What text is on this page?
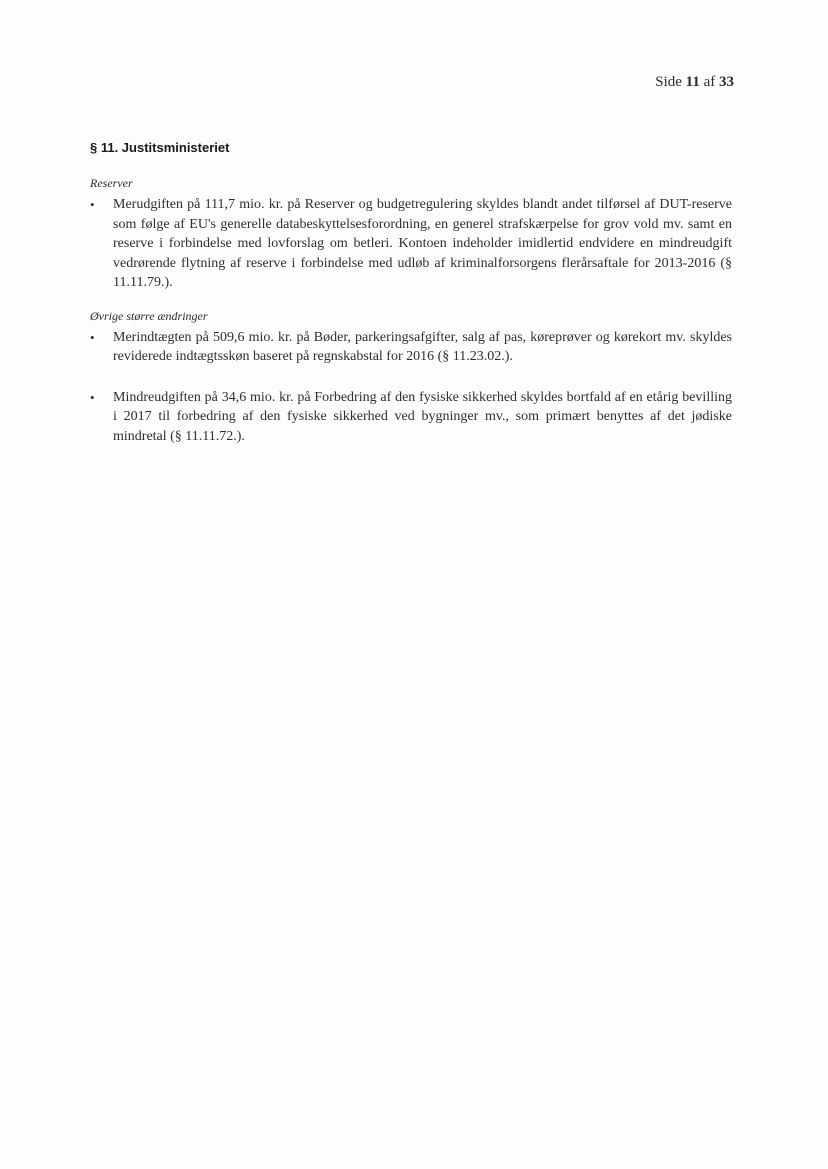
Side 11 af 33
§ 11. Justitsministeriet
Reserver
• Merudgiften på 111,7 mio. kr. på Reserver og budgetregulering skyldes blandt andet tilførsel af DUT-reserve som følge af EU's generelle databeskyttelsesforordning, en generel strafskærpelse for grov vold mv. samt en reserve i forbindelse med lovforslag om betleri. Kontoen indeholder imidlertid endvidere en mindreudgift vedrørende flytning af reserve i forbindelse med udløb af kriminalforsorgens flerårsaftale for 2013-2016 (§ 11.11.79.).
Øvrige større ændringer
• Merindtægten på 509,6 mio. kr. på Bøder, parkeringsafgifter, salg af pas, køreprøver og kørekort mv. skyldes reviderede indtægtsskøn baseret på regnskabstal for 2016 (§ 11.23.02.).
• Mindreudgiften på 34,6 mio. kr. på Forbedring af den fysiske sikkerhed skyldes bortfald af en etårig bevilling i 2017 til forbedring af den fysiske sikkerhed ved bygninger mv., som primært benyttes af det jødiske mindretal (§ 11.11.72.).
